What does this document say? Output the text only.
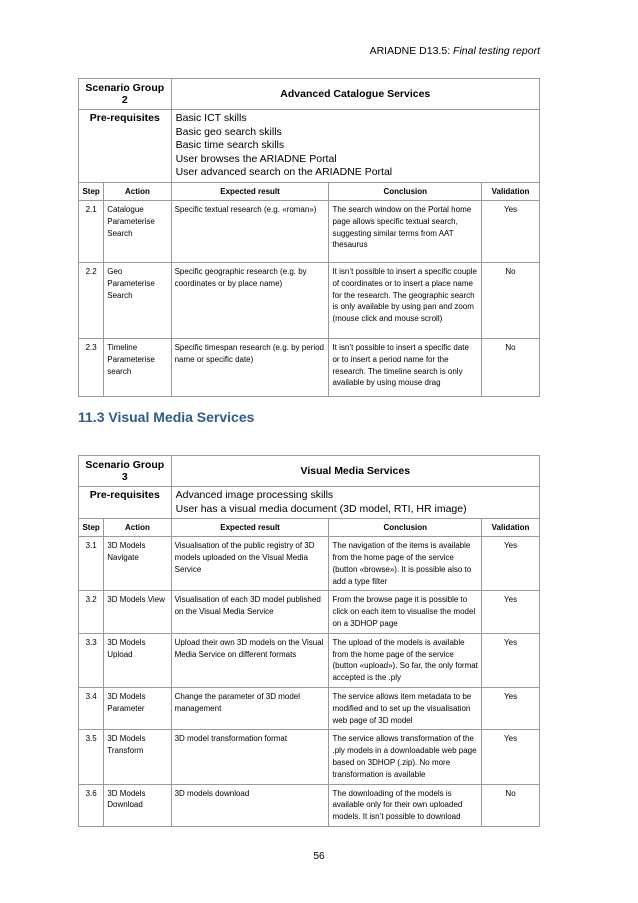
ARIADNE D13.5: Final testing report
Scenario Group 2		Advanced Catalogue Services		
Pre-requisites		Basic ICT skills
Basic geo search skills
Basic time search skills
User browses the ARIADNE Portal
User advanced search on the ARIADNE Portal		

Step	Action	Expected result	Conclusion	Validation
2.1	Catalogue Parameterise Search	Specific textual research (e.g. «roman»)	The search window on the Portal home page allows specific textual search, suggesting similar terms from AAT thesaurus	Yes
2.2	Geo Parameterise Search	Specific geographic research (e.g. by coordinates or by place name)	It isn’t possible to insert a specific couple of coordinates or to insert a place name for the research. The geographic search is only available by using pan and zoom (mouse click and mouse scroll)	No
2.3	Timeline Parameterise search	Specific timespan research (e.g. by period name or specific date)	It isn’t possible to insert a specific date or to insert a period name for the research. The timeline search is only available by using mouse drag	No
11.3 Visual Media Services
Scenario Group 3		Visual Media Services		
Pre-requisites		Advanced image processing skills
User has a visual media document (3D model, RTI, HR image)		

Step	Action	Expected result	Conclusion	Validation
3.1	3D Models Navigate	Visualisation of the public registry of 3D models uploaded on the Visual Media Service	The navigation of the items is available from the home page of the service (button «browse»). It is possible also to add a type filter	Yes
3.2	3D Models View	Visualisation of each 3D model published on the Visual Media Service	From the browse page it is possible to click on each item to visualise the model on a 3DHOP page	Yes
3.3	3D Models Upload	Upload their own 3D models on the Visual Media Service on different formats	The upload of the models is available from the home page of the service (button «upload»). So far, the only format accepted is the .ply	Yes
3.4	3D Models Parameter	Change the parameter of 3D model management	The service allows item metadata to be modified and to set up the visualisation web page of 3D model	Yes
3.5	3D Models Transform	3D model transformation format	The service allows transformation of the .ply models in a downloadable web page based on 3DHOP (.zip). No more transformation is available	Yes
3.6	3D Models Download	3D models download	The downloading of the models is available only for their own uploaded models. It isn’t possible to download	No
56
